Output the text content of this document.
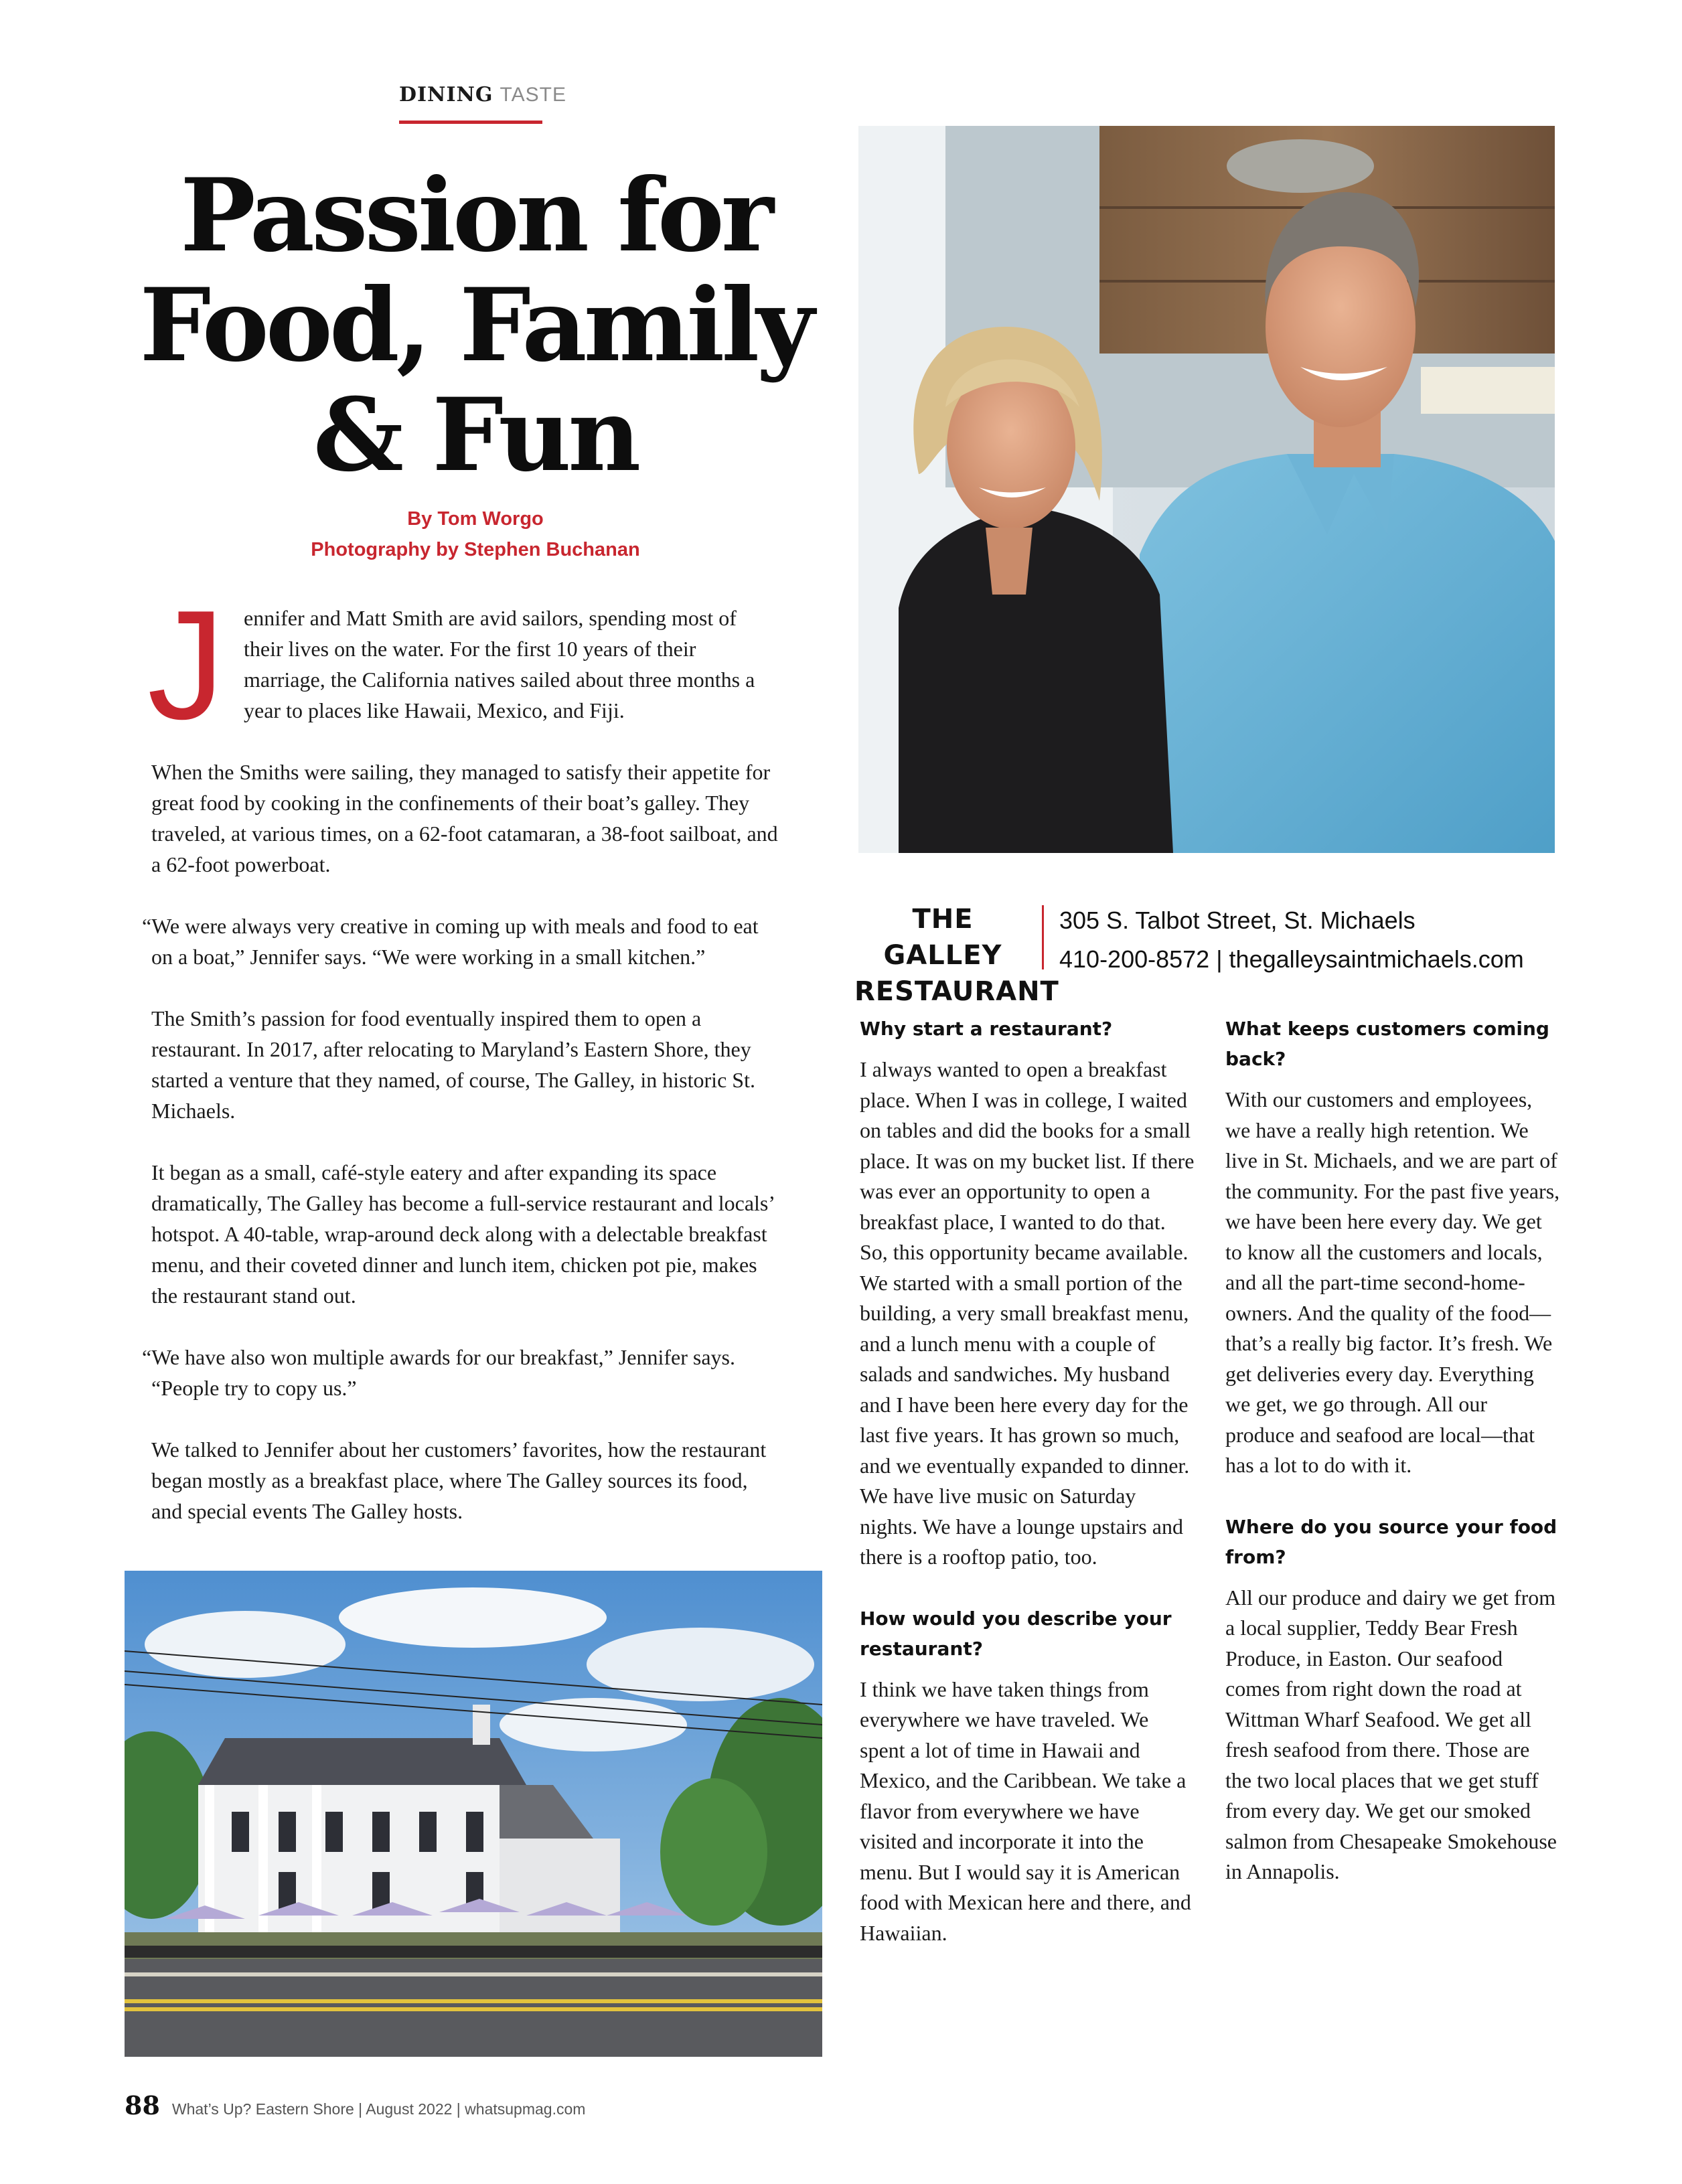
DINING TASTE
Passion for
Food, Family
& Fun
By Tom Worgo
Photography by Stephen Buchanan

Jennifer and Matt Smith are avid sailors, spending most of their lives on the water. For the first 10 years of their marriage, the California natives sailed about three months a year to places like Hawaii, Mexico, and Fiji.

When the Smiths were sailing, they managed to satisfy their appetite for great food by cooking in the confinements of their boat’s galley. They traveled, at various times, on a 62-foot catamaran, a 38-foot sailboat, and a 62-foot powerboat.

“We were always very creative in coming up with meals and food to eat on a boat,” Jennifer says. “We were working in a small kitchen.”

The Smith’s passion for food eventually inspired them to open a restaurant. In 2017, after relocating to Maryland’s Eastern Shore, they started a venture that they named, of course, The Galley, in historic St. Michaels.

It began as a small, café-style eatery and after expanding its space dramatically, The Galley has become a full-service restaurant and locals’ hotspot. A 40-table, wrap-around deck along with a delectable breakfast menu, and their coveted dinner and lunch item, chicken pot pie, makes the restaurant stand out.

“We have also won multiple awards for our breakfast,” Jennifer says. “People try to copy us.”

We talked to Jennifer about her customers’ favorites, how the restaurant began mostly as a breakfast place, where The Galley sources its food, and special events The Galley hosts.

THE GALLEY
RESTAURANT
305 S. Talbot Street, St. Michaels
410-200-8572 | thegalleysaintmichaels.com
Why start a restaurant?
I always wanted to open a breakfast place. When I was in college, I waited on tables and did the books for a small place. It was on my bucket list. If there was ever an opportunity to open a breakfast place, I wanted to do that. So, this opportunity became available. We started with a small portion of the building, a very small breakfast menu, and a lunch menu with a couple of salads and sandwiches. My husband and I have been here every day for the last five years. It has grown so much, and we eventually expanded to dinner. We have live music on Saturday nights. We have a lounge upstairs and there is a rooftop patio, too.
How would you describe your restaurant?
I think we have taken things from everywhere we have traveled. We spent a lot of time in Hawaii and Mexico, and the Caribbean. We take a flavor from everywhere we have visited and incorporate it into the menu. But I would say it is American food with Mexican here and there, and Hawaiian.
What keeps customers coming back?
With our customers and employees, we have a really high retention. We live in St. Michaels, and we are part of the community. For the past five years, we have been here every day. We get to know all the customers and locals, and all the part-time second-home-owners. And the quality of the food—that’s a really big factor. It’s fresh. We get deliveries every day. Everything we get, we go through. All our produce and seafood are local—that has a lot to do with it.
Where do you source your food from?
All our produce and dairy we get from a local supplier, Teddy Bear Fresh Produce, in Easton. Our seafood comes from right down the road at Wittman Wharf Seafood. We get all fresh seafood from there. Those are the two local places that we get stuff from every day. We get our smoked salmon from Chesapeake Smokehouse in Annapolis.
88 What’s Up? Eastern Shore | August 2022 | whatsupmag.com
